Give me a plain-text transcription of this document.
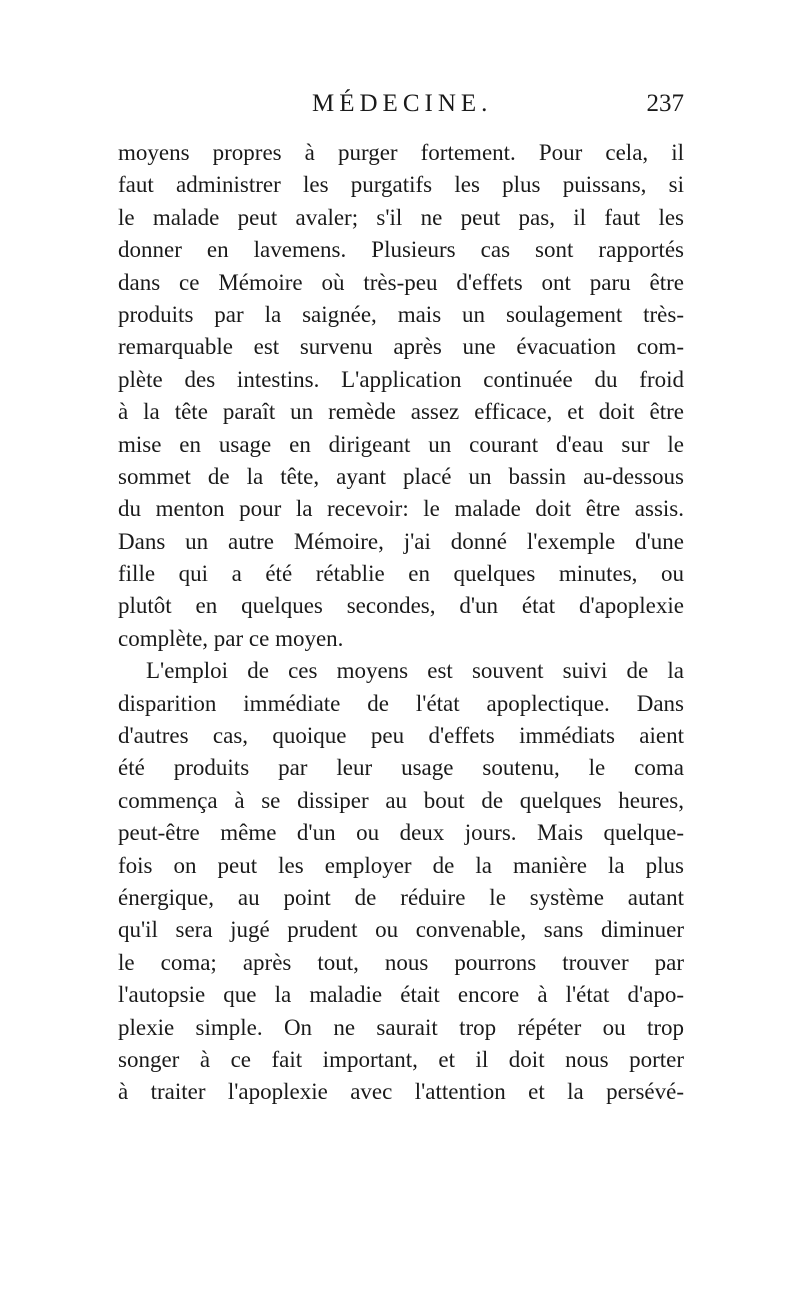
MÉDECINE.	237
moyens propres à purger fortement. Pour cela, il
faut administrer les purgatifs les plus puissans, si
le malade peut avaler; s'il ne peut pas, il faut les
donner en lavemens. Plusieurs cas sont rapportés
dans ce Mémoire où très-peu d'effets ont paru être
produits par la saignée, mais un soulagement très-
remarquable est survenu après une évacuation com-
plète des intestins. L'application continuée du froid
à la tête paraît un remède assez efficace, et doit être
mise en usage en dirigeant un courant d'eau sur le
sommet de la tête, ayant placé un bassin au-dessous
du menton pour la recevoir: le malade doit être assis.
Dans un autre Mémoire, j'ai donné l'exemple d'une
fille qui a été rétablie en quelques minutes, ou
plutôt en quelques secondes, d'un état d'apoplexie
complète, par ce moyen.
L'emploi de ces moyens est souvent suivi de la
disparition immédiate de l'état apoplectique. Dans
d'autres cas, quoique peu d'effets immédiats aient
été produits par leur usage soutenu, le coma
commença à se dissiper au bout de quelques heures,
peut-être même d'un ou deux jours. Mais quelque-
fois on peut les employer de la manière la plus
énergique, au point de réduire le système autant
qu'il sera jugé prudent ou convenable, sans diminuer
le coma; après tout, nous pourrons trouver par
l'autopsie que la maladie était encore à l'état d'apo-
plexie simple. On ne saurait trop répéter ou trop
songer à ce fait important, et il doit nous porter
à traiter l'apoplexie avec l'attention et la persévé-
